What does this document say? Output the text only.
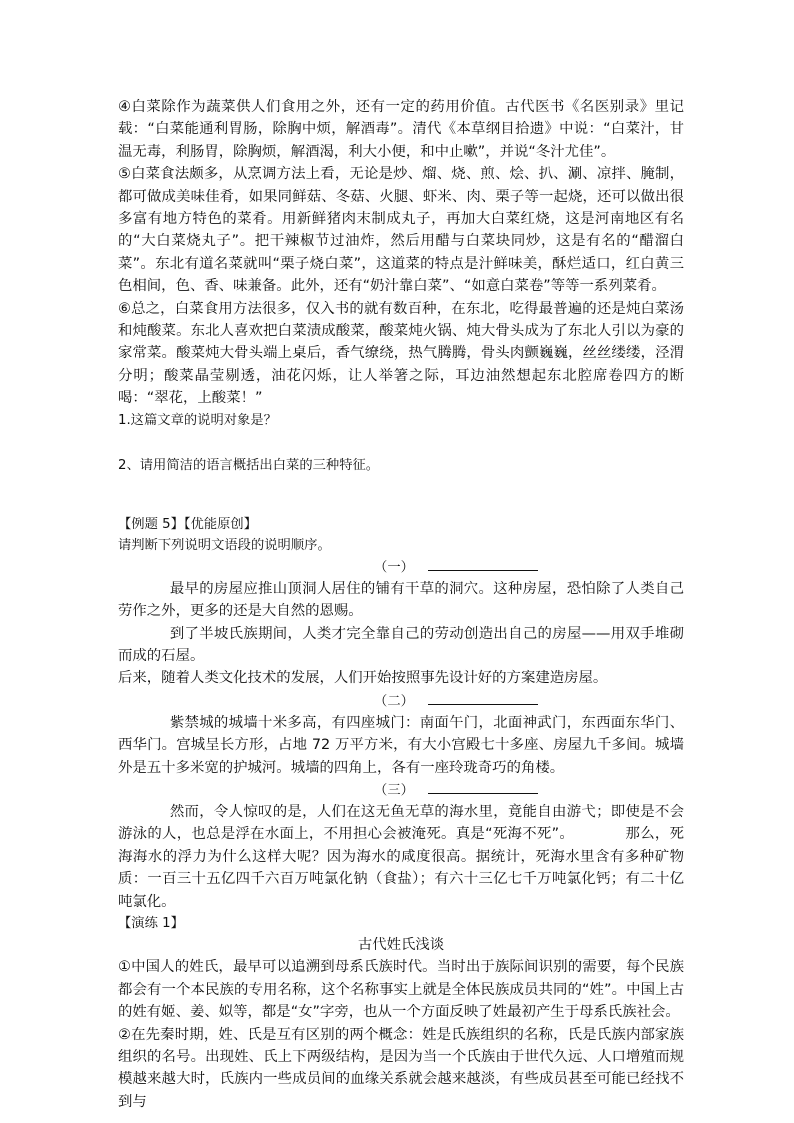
④白菜除作为蔬菜供人们食用之外，还有一定的药用价值。古代医书《名医别录》里记载：“白菜能通利胃肠，除胸中烦，解酒毒”。清代《本草纲目拾遗》中说：“白菜汁，甘温无毒，利肠胃，除胸烦，解酒渴，利大小便，和中止嗽”，并说“冬汁尤佳”。

⑤白菜食法颇多，从烹调方法上看，无论是炒、熘、烧、煎、烩、扒、涮、凉拌、腌制，都可做成美味佳肴，如果同鲜菇、冬菇、火腿、虾米、肉、栗子等一起烧，还可以做出很多富有地方特色的菜肴。用新鲜猪肉末制成丸子，再加大白菜红烧，这是河南地区有名的“大白菜烧丸子”。把干辣椒节过油炸，然后用醋与白菜块同炒，这是有名的“醋溜白菜”。东北有道名菜就叫“栗子烧白菜”，这道菜的特点是汁鲜味美，酥烂适口，红白黄三色相间，色、香、味兼备。此外，还有“奶汁靠白菜”、“如意白菜卷”等等一系列菜肴。

⑥总之，白菜食用方法很多，仅入书的就有数百种，在东北，吃得最普遍的还是炖白菜汤和炖酸菜。东北人喜欢把白菜渍成酸菜，酸菜炖火锅、炖大骨头成为了东北人引以为豪的家常菜。酸菜炖大骨头端上桌后，香气缭绕，热气腾腾，骨头肉颤巍巍，丝丝缕缕，泾渭分明；酸菜晶莹剔透，油花闪烁，让人举箸之际，耳边油然想起东北腔席卷四方的断喝：“翠花，上酸菜！”

1.这篇文章的说明对象是？

2、请用简洁的语言概括出白菜的三种特征。

【例题 5】【优能原创】

请判断下列说明文语段的说明顺序。

（一）

最早的房屋应推山顶洞人居住的铺有干草的洞穴。这种房屋，恐怕除了人类自己劳作之外，更多的还是大自然的恩赐。

到了半坡氏族期间，人类才完全靠自己的劳动创造出自己的房屋——用双手堆砌而成的石屋。

后来，随着人类文化技术的发展，人们开始按照事先设计好的方案建造房屋。

（二）

紫禁城的城墙十米多高，有四座城门：南面午门，北面神武门，东西面东华门、西华门。宫城呈长方形，占地 72 万平方米，有大小宫殿七十多座、房屋九千多间。城墙外是五十多米宽的护城河。城墙的四角上，各有一座玲珑奇巧的角楼。

（三）

然而，令人惊叹的是，人们在这无鱼无草的海水里，竟能自由游弋；即使是不会游泳的人，也总是浮在水面上，不用担心会被淹死。真是“死海不死”。　　　　那么，死海海水的浮力为什么这样大呢？因为海水的咸度很高。据统计，死海水里含有多种矿物质：一百三十五亿四千六百万吨氯化钠（食盐）；有六十三亿七千万吨氯化钙；有二十亿吨氯化。

【演练 1】

古代姓氏浅谈

①中国人的姓氏，最早可以追溯到母系氏族时代。当时出于族际间识别的需要，每个民族都会有一个本民族的专用名称，这个名称事实上就是全体民族成员共同的“姓”。中国上古的姓有姬、姜、姒等，都是“女”字旁，也从一个方面反映了姓最初产生于母系氏族社会。

②在先秦时期，姓、氏是互有区别的两个概念：姓是氏族组织的名称，氏是氏族内部家族组织的名号。出现姓、氏上下两级结构，是因为当一个氏族由于世代久远、人口增殖而规模越来越大时，氏族内一些成员间的血缘关系就会越来越淡，有些成员甚至可能已经找不到与
